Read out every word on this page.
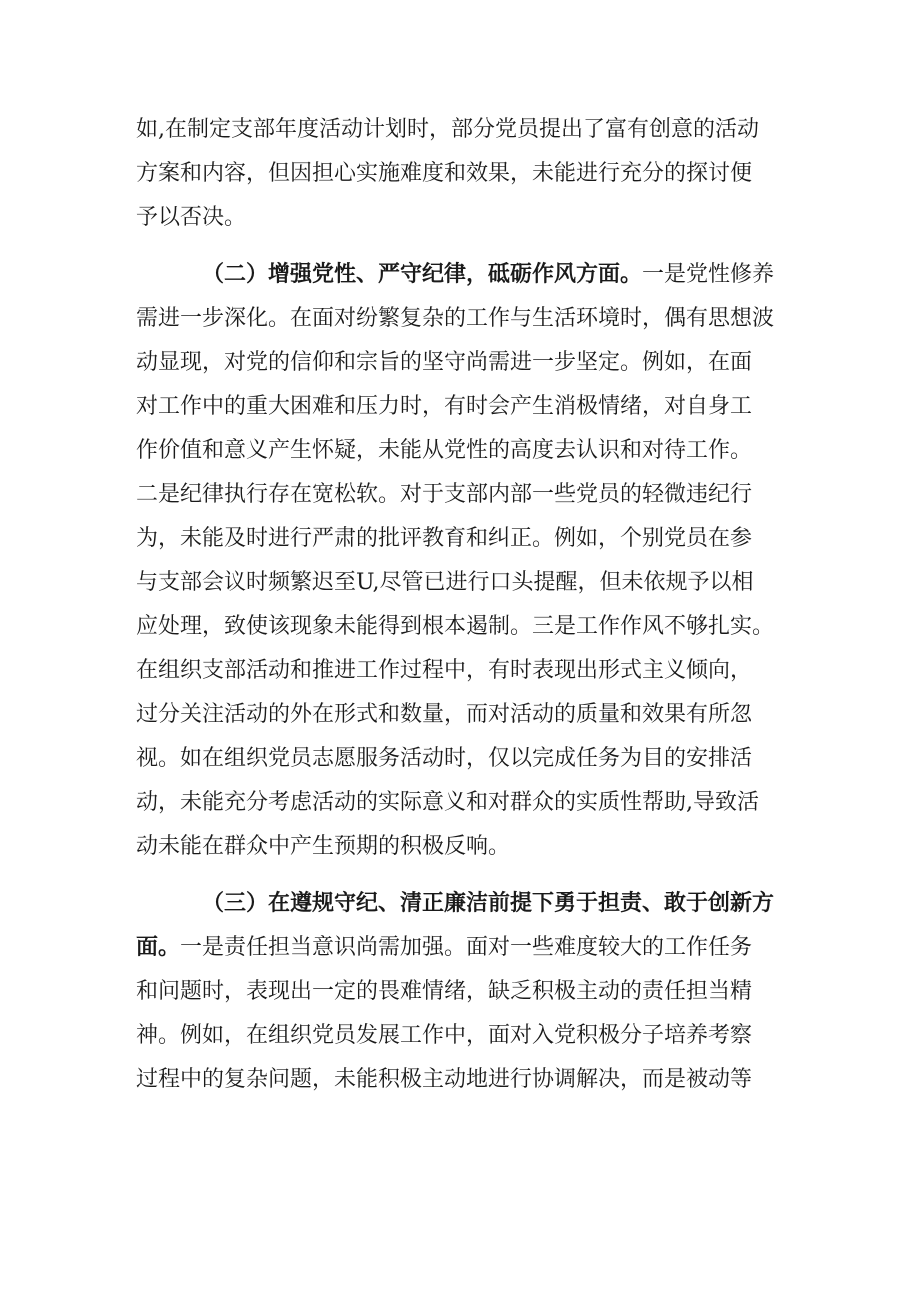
如,在制定支部年度活动计划时，部分党员提出了富有创意的活动
方案和内容，但因担心实施难度和效果，未能进行充分的探讨便
予以否决。
（二）增强党性、严守纪律，砥砺作风方面。一是党性修养
需进一步深化。在面对纷繁复杂的工作与生活环境时，偶有思想波
动显现，对党的信仰和宗旨的坚守尚需进一步坚定。例如，在面
对工作中的重大困难和压力时，有时会产生消极情绪，对自身工
作价值和意义产生怀疑，未能从党性的高度去认识和对待工作。
二是纪律执行存在宽松软。对于支部内部一些党员的轻微违纪行
为，未能及时进行严肃的批评教育和纠正。例如，个别党员在参
与支部会议时频繁迟至U,尽管已进行口头提醒，但未依规予以相
应处理，致使该现象未能得到根本遏制。三是工作作风不够扎实。
在组织支部活动和推进工作过程中，有时表现出形式主义倾向，
过分关注活动的外在形式和数量，而对活动的质量和效果有所忽
视。如在组织党员志愿服务活动时，仅以完成任务为目的安排活
动，未能充分考虑活动的实际意义和对群众的实质性帮助,导致活
动未能在群众中产生预期的积极反响。
（三）在遵规守纪、清正廉洁前提下勇于担责、敢于创新方
面。一是责任担当意识尚需加强。面对一些难度较大的工作任务
和问题时，表现出一定的畏难情绪，缺乏积极主动的责任担当精
神。例如，在组织党员发展工作中，面对入党积极分子培养考察
过程中的复杂问题，未能积极主动地进行协调解决，而是被动等
